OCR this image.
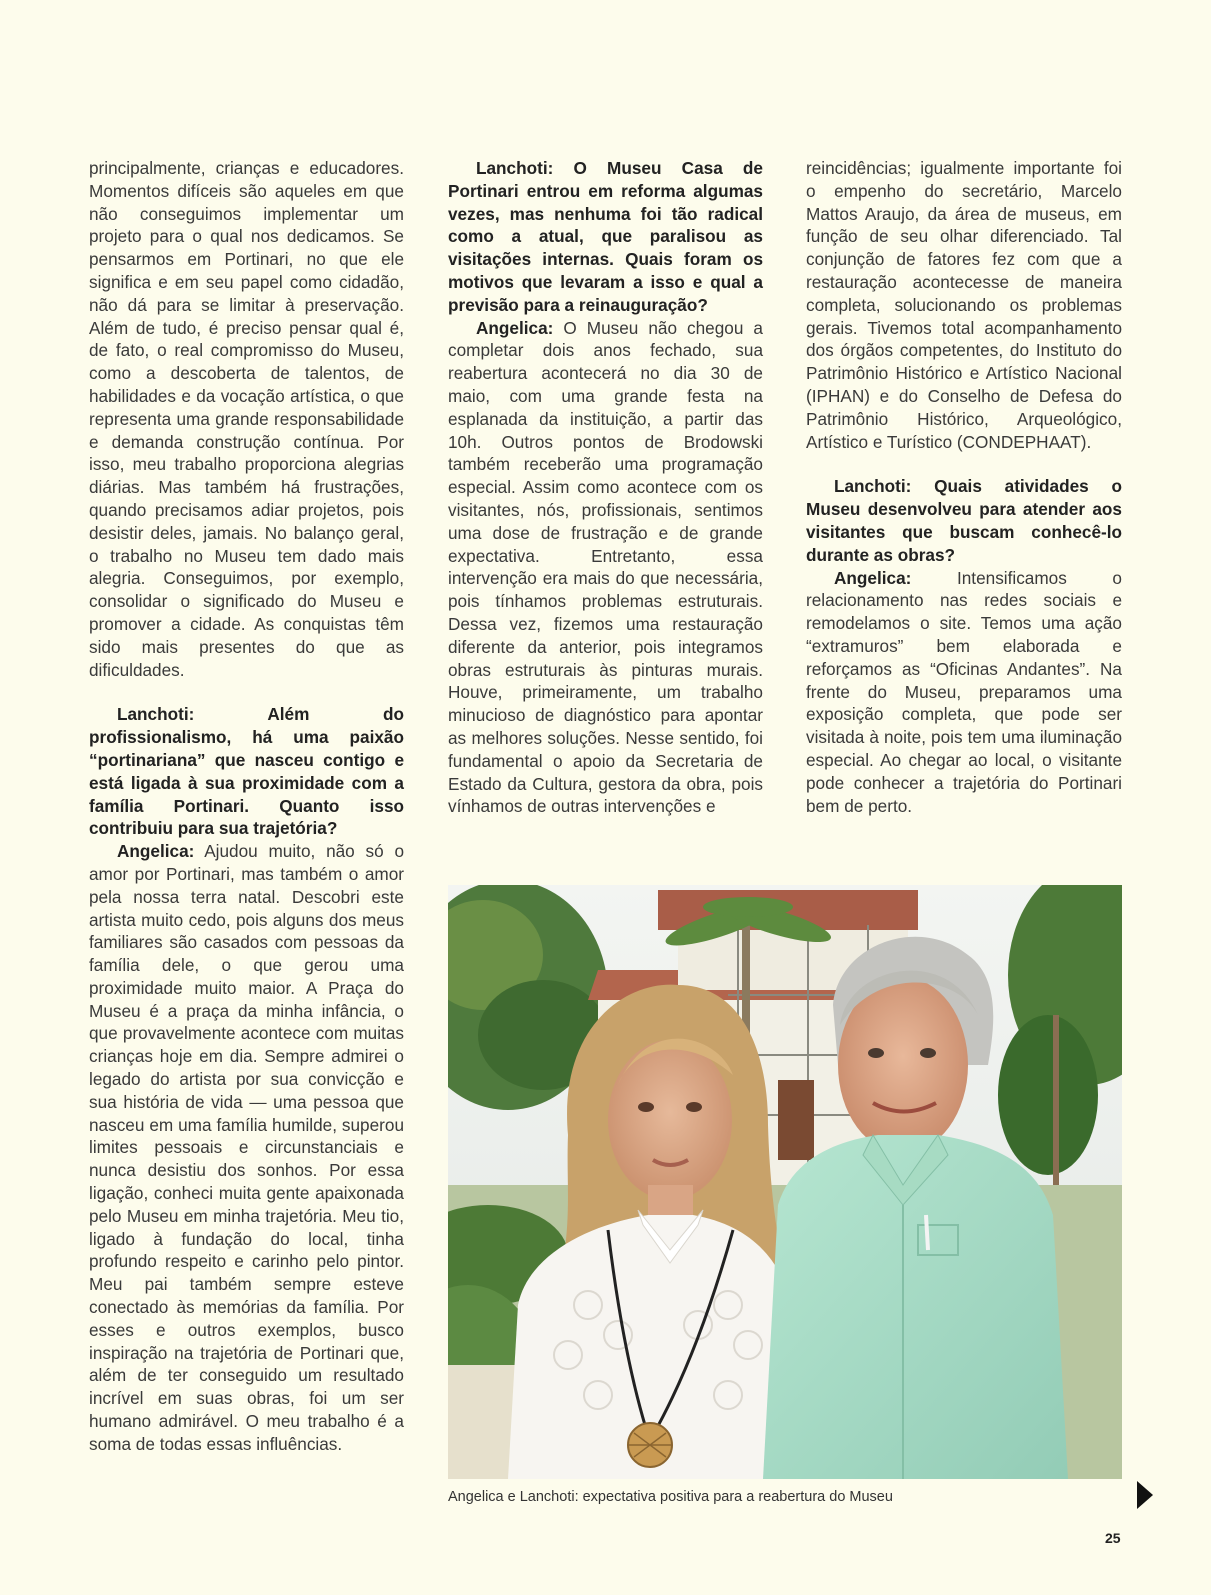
principalmente, crianças e educadores. Momentos difíceis são aqueles em que não conseguimos implementar um projeto para o qual nos dedicamos. Se pensarmos em Portinari, no que ele significa e em seu papel como cidadão, não dá para se limitar à preservação. Além de tudo, é preciso pensar qual é, de fato, o real compromisso do Museu, como a descoberta de talentos, de habilidades e da vocação artística, o que representa uma grande responsabilidade e demanda construção contínua. Por isso, meu trabalho proporciona alegrias diárias. Mas também há frustrações, quando precisamos adiar projetos, pois desistir deles, jamais. No balanço geral, o trabalho no Museu tem dado mais alegria. Conseguimos, por exemplo, consolidar o significado do Museu e promover a cidade. As conquistas têm sido mais presentes do que as dificuldades.

Lanchoti: Além do profissionalismo, há uma paixão “portinariana” que nasceu contigo e está ligada à sua proximidade com a família Portinari. Quanto isso contribuiu para sua trajetória?

Angelica: Ajudou muito, não só o amor por Portinari, mas também o amor pela nossa terra natal. Descobri este artista muito cedo, pois alguns dos meus familiares são casados com pessoas da família dele, o que gerou uma proximidade muito maior. A Praça do Museu é a praça da minha infância, o que provavelmente acontece com muitas crianças hoje em dia. Sempre admirei o legado do artista por sua convicção e sua história de vida — uma pessoa que nasceu em uma família humilde, superou limites pessoais e circunstanciais e nunca desistiu dos sonhos. Por essa ligação, conheci muita gente apaixonada pelo Museu em minha trajetória. Meu tio, ligado à fundação do local, tinha profundo respeito e carinho pelo pintor. Meu pai também sempre esteve conectado às memórias da família. Por esses e outros exemplos, busco inspiração na trajetória de Portinari que, além de ter conseguido um resultado incrível em suas obras, foi um ser humano admirável. O meu trabalho é a soma de todas essas influências.

Lanchoti: O Museu Casa de Portinari entrou em reforma algumas vezes, mas nenhuma foi tão radical como a atual, que paralisou as visitações internas. Quais foram os motivos que levaram a isso e qual a previsão para a reinauguração?

Angelica: O Museu não chegou a completar dois anos fechado, sua reabertura acontecerá no dia 30 de maio, com uma grande festa na esplanada da instituição, a partir das 10h. Outros pontos de Brodowski também receberão uma programação especial. Assim como acontece com os visitantes, nós, profissionais, sentimos uma dose de frustração e de grande expectativa. Entretanto, essa intervenção era mais do que necessária, pois tínhamos problemas estruturais. Dessa vez, fizemos uma restauração diferente da anterior, pois integramos obras estruturais às pinturas murais. Houve, primeiramente, um trabalho minucioso de diagnóstico para apontar as melhores soluções. Nesse sentido, foi fundamental o apoio da Secretaria de Estado da Cultura, gestora da obra, pois vínhamos de outras intervenções e

reincidências; igualmente importante foi o empenho do secretário, Marcelo Mattos Araujo, da área de museus, em função de seu olhar diferenciado. Tal conjunção de fatores fez com que a restauração acontecesse de maneira completa, solucionando os problemas gerais. Tivemos total acompanhamento dos órgãos competentes, do Instituto do Patrimônio Histórico e Artístico Nacional (IPHAN) e do Conselho de Defesa do Patrimônio Histórico, Arqueológico, Artístico e Turístico (CONDEPHAAT).

Lanchoti: Quais atividades o Museu desenvolveu para atender aos visitantes que buscam conhecê-lo durante as obras?

Angelica: Intensificamos o relacionamento nas redes sociais e remodelamos o site. Temos uma ação “extramuros” bem elaborada e reforçamos as “Oficinas Andantes”. Na frente do Museu, preparamos uma exposição completa, que pode ser visitada à noite, pois tem uma iluminação especial. Ao chegar ao local, o visitante pode conhecer a trajetória do Portinari bem de perto.

Angelica e Lanchoti: expectativa positiva para a reabertura do Museu
25
